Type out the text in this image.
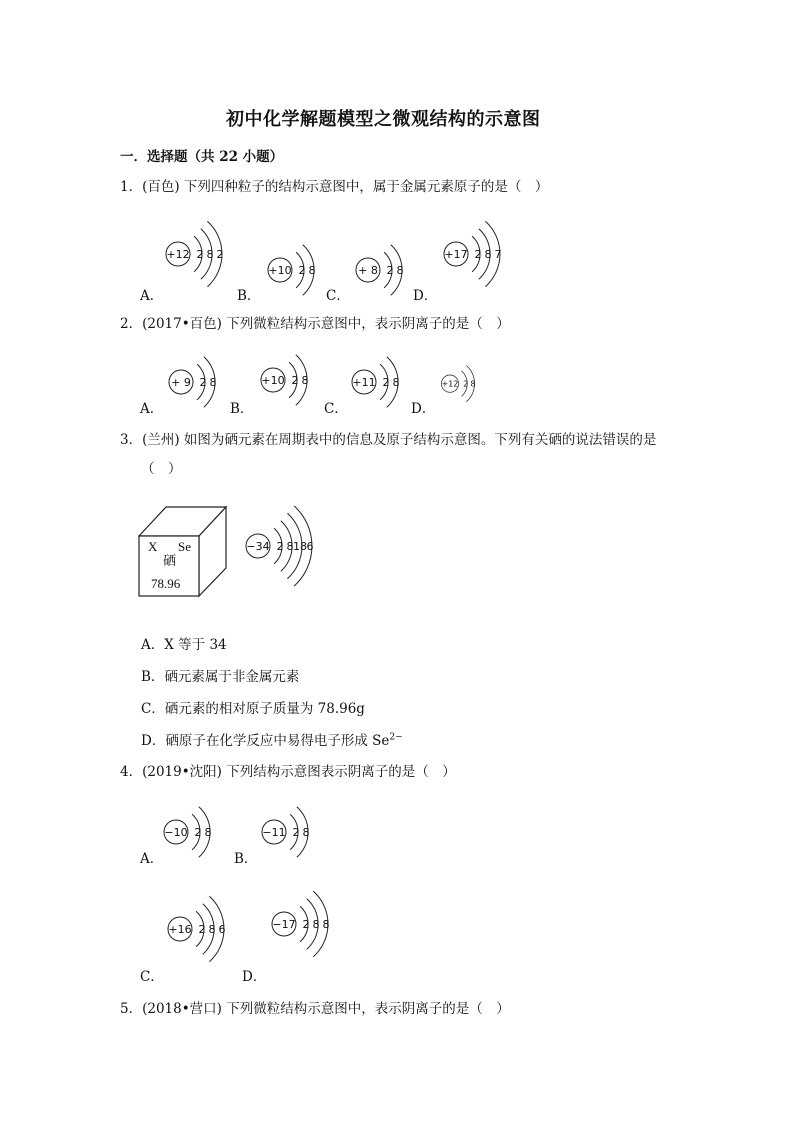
初中化学解题模型之微观结构的示意图
一．选择题（共 22 小题）
1．(百色) 下列四种粒子的结构示意图中，属于金属元素原子的是（　）
+12 2 8 2
+10 2 8	+ 8 2 8
+17 2 8 7
A．	B．	C．	D．
2．(2017•百色) 下列微粒结构示意图中，表示阴离子的是（　）
+ 9 2 8	+10 2 8	+11 2 8	+12 2 8
A．	B．	C．	D．
3．(兰州) 如图为硒元素在周期表中的信息及原子结构示意图。下列有关硒的说法错误的是
（　）
X Se
硒
78.96
−34 2 8 18 6
A．X 等于 34
B．硒元素属于非金属元素
C．硒元素的相对原子质量为 78.96g
D．硒原子在化学反应中易得电子形成 $Se^{2-}$
4．(2019•沈阳) 下列结构示意图表示阴离子的是（　）
−10 2 8	−11 2 8
A．	B．
+16 2 8 6	−17 2 8 8
C．	D．
5．(2018•营口) 下列微粒结构示意图中，表示阴离子的是（　）
